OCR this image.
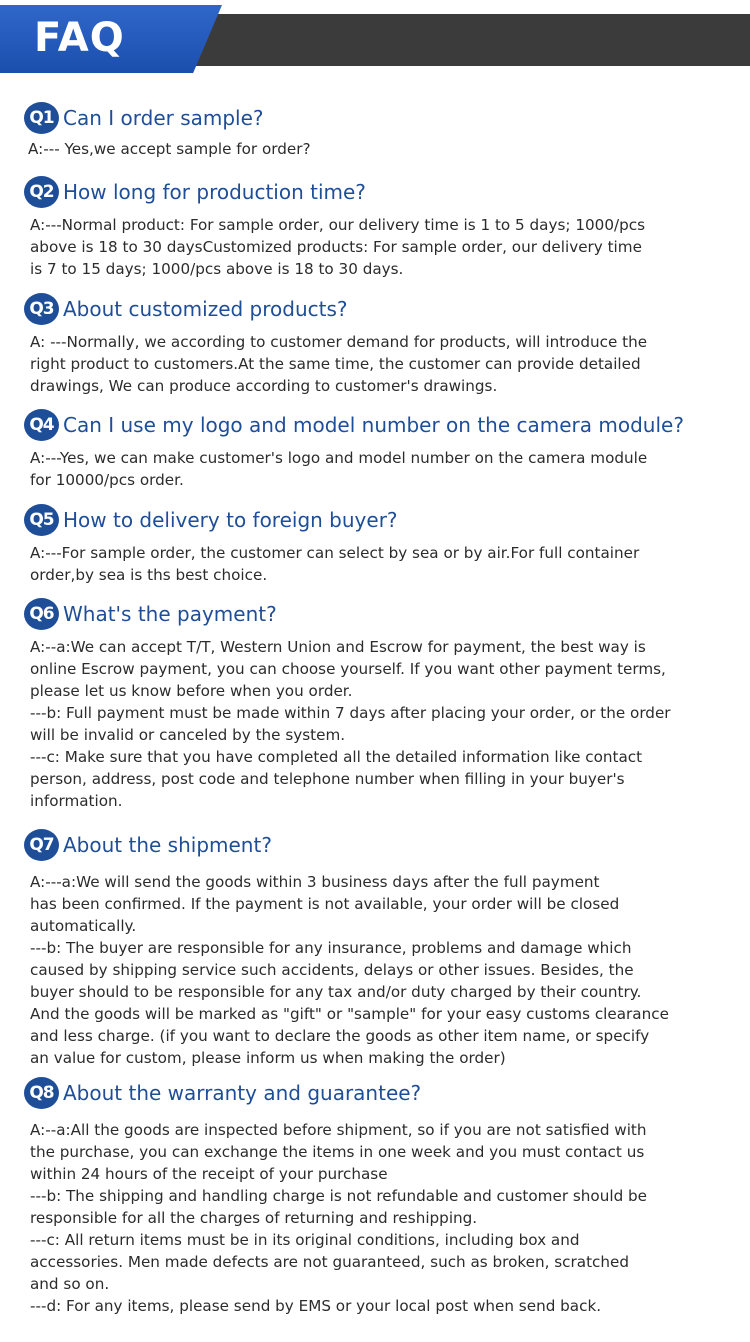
FAQ
Q1 Can I order sample?
A:--- Yes,we accept sample for order?
Q2 How long for production time?
A:---Normal product: For sample order, our delivery time is 1 to 5 days; 1000/pcs
above is 18 to 30 daysCustomized products: For sample order, our delivery time
is 7 to 15 days; 1000/pcs above is 18 to 30 days.
Q3 About customized products?
A: ---Normally, we according to customer demand for products, will introduce the
right product to customers.At the same time, the customer can provide detailed
drawings, We can produce according to customer's drawings.
Q4 Can I use my logo and model number on the camera module?
A:---Yes, we can make customer's logo and model number on the camera module
for 10000/pcs order.
Q5 How to delivery to foreign buyer?
A:---For sample order, the customer can select by sea or by air.For full container
order,by sea is ths best choice.
Q6 What's the payment?
A:--a:We can accept T/T, Western Union and Escrow for payment, the best way is
online Escrow payment, you can choose yourself. If you want other payment terms,
please let us know before when you order.
---b: Full payment must be made within 7 days after placing your order, or the order
will be invalid or canceled by the system.
---c: Make sure that you have completed all the detailed information like contact
person, address, post code and telephone number when filling in your buyer's
information.
Q7 About the shipment?
A:---a:We will send the goods within 3 business days after the full payment
has been confirmed. If the payment is not available, your order will be closed
automatically.
---b: The buyer are responsible for any insurance, problems and damage which
caused by shipping service such accidents, delays or other issues. Besides, the
buyer should to be responsible for any tax and/or duty charged by their country.
And the goods will be marked as "gift" or "sample" for your easy customs clearance
and less charge. (if you want to declare the goods as other item name, or specify
an value for custom, please inform us when making the order)
Q8 About the warranty and guarantee?
A:--a:All the goods are inspected before shipment, so if you are not satisfied with
the purchase, you can exchange the items in one week and you must contact us
within 24 hours of the receipt of your purchase
---b: The shipping and handling charge is not refundable and customer should be
responsible for all the charges of returning and reshipping.
---c: All return items must be in its original conditions, including box and
accessories. Men made defects are not guaranteed, such as broken, scratched
and so on.
---d: For any items, please send by EMS or your local post when send back.
